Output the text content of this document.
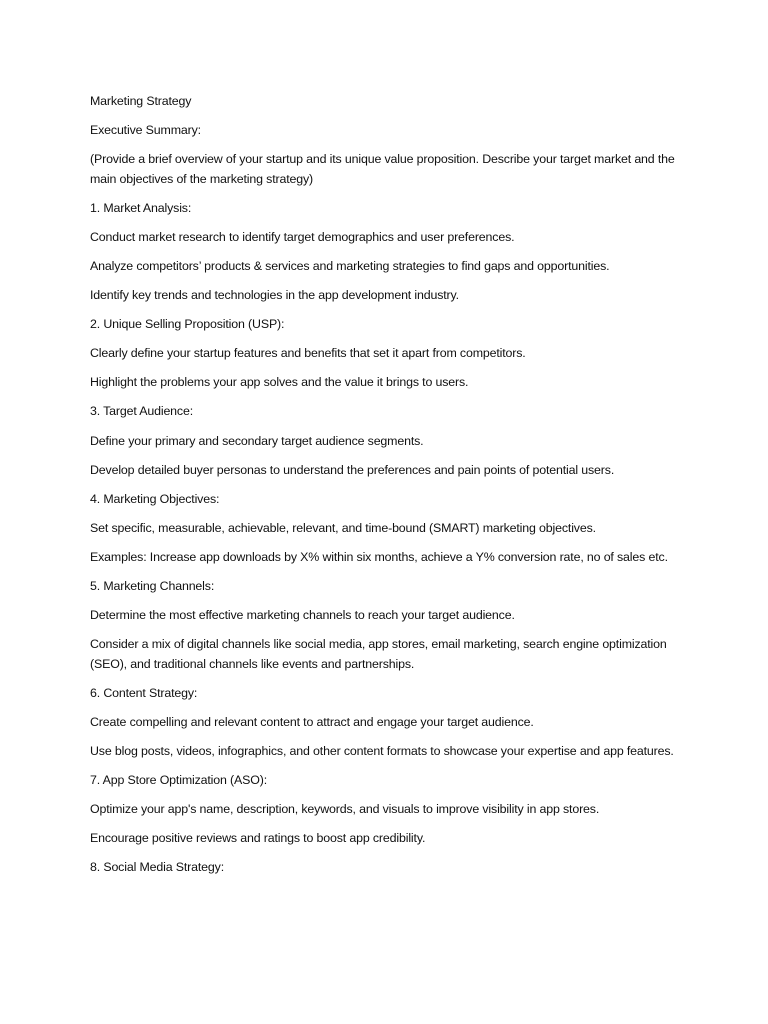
Marketing Strategy

Executive Summary:

(Provide a brief overview of your startup and its unique value proposition. Describe your target market and the main objectives of the marketing strategy)

1. Market Analysis:

Conduct market research to identify target demographics and user preferences.

Analyze competitors’ products & services and marketing strategies to find gaps and opportunities.

Identify key trends and technologies in the app development industry.

2. Unique Selling Proposition (USP):

Clearly define your startup features and benefits that set it apart from competitors.

Highlight the problems your app solves and the value it brings to users.

3. Target Audience:

Define your primary and secondary target audience segments.

Develop detailed buyer personas to understand the preferences and pain points of potential users.

4. Marketing Objectives:

Set specific, measurable, achievable, relevant, and time-bound (SMART) marketing objectives.

Examples: Increase app downloads by X% within six months, achieve a Y% conversion rate, no of sales etc.

5. Marketing Channels:

Determine the most effective marketing channels to reach your target audience.

Consider a mix of digital channels like social media, app stores, email marketing, search engine optimization (SEO), and traditional channels like events and partnerships.

6. Content Strategy:

Create compelling and relevant content to attract and engage your target audience.

Use blog posts, videos, infographics, and other content formats to showcase your expertise and app features.

7. App Store Optimization (ASO):

Optimize your app's name, description, keywords, and visuals to improve visibility in app stores.

Encourage positive reviews and ratings to boost app credibility.

8. Social Media Strategy:
